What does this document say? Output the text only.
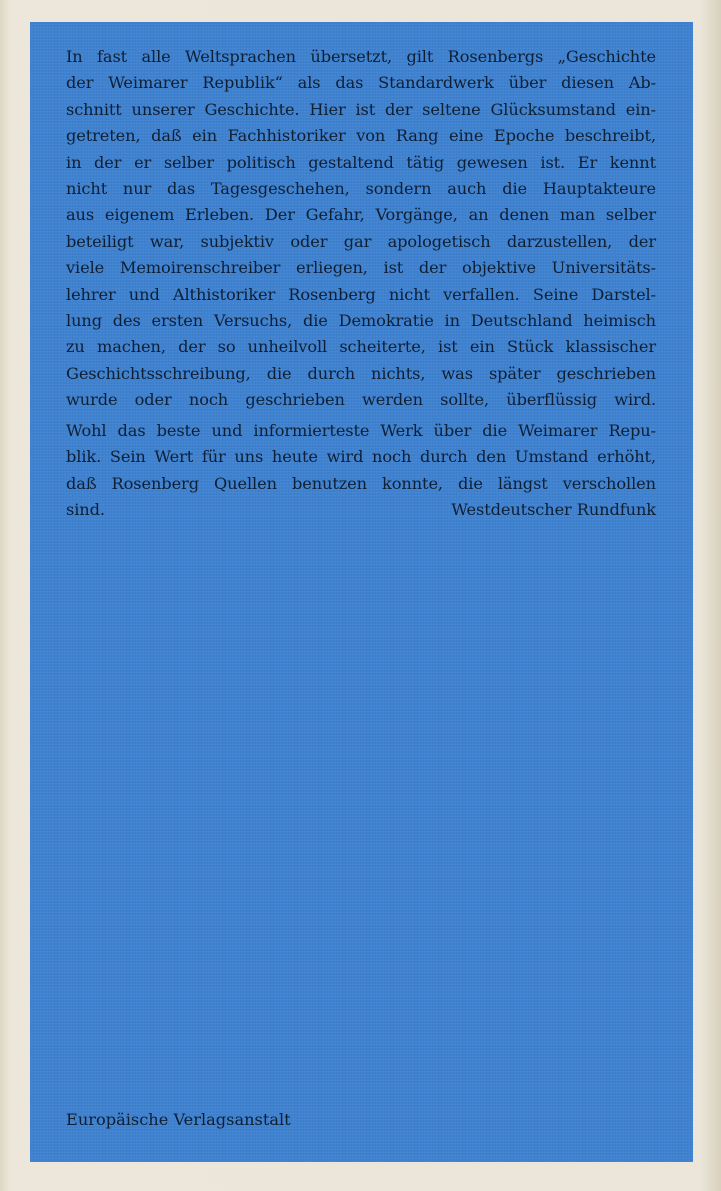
In fast alle Weltsprachen übersetzt, gilt Rosenbergs „Geschichte
der Weimarer Republik“ als das Standardwerk über diesen Ab-
schnitt unserer Geschichte. Hier ist der seltene Glücksumstand ein-
getreten, daß ein Fachhistoriker von Rang eine Epoche beschreibt,
in der er selber politisch gestaltend tätig gewesen ist. Er kennt
nicht nur das Tagesgeschehen, sondern auch die Hauptakteure
aus eigenem Erleben. Der Gefahr, Vorgänge, an denen man selber
beteiligt war, subjektiv oder gar apologetisch darzustellen, der
viele Memoirenschreiber erliegen, ist der objektive Universitäts-
lehrer und Althistoriker Rosenberg nicht verfallen. Seine Darstel-
lung des ersten Versuchs, die Demokratie in Deutschland heimisch
zu machen, der so unheilvoll scheiterte, ist ein Stück klassischer
Geschichtsschreibung, die durch nichts, was später geschrieben
wurde oder noch geschrieben werden sollte, überflüssig wird.
Wohl das beste und informierteste Werk über die Weimarer Repu-
blik. Sein Wert für uns heute wird noch durch den Umstand erhöht,
daß Rosenberg Quellen benutzen konnte, die längst verschollen
sind.	Westdeutscher Rundfunk
Europäische Verlagsanstalt
